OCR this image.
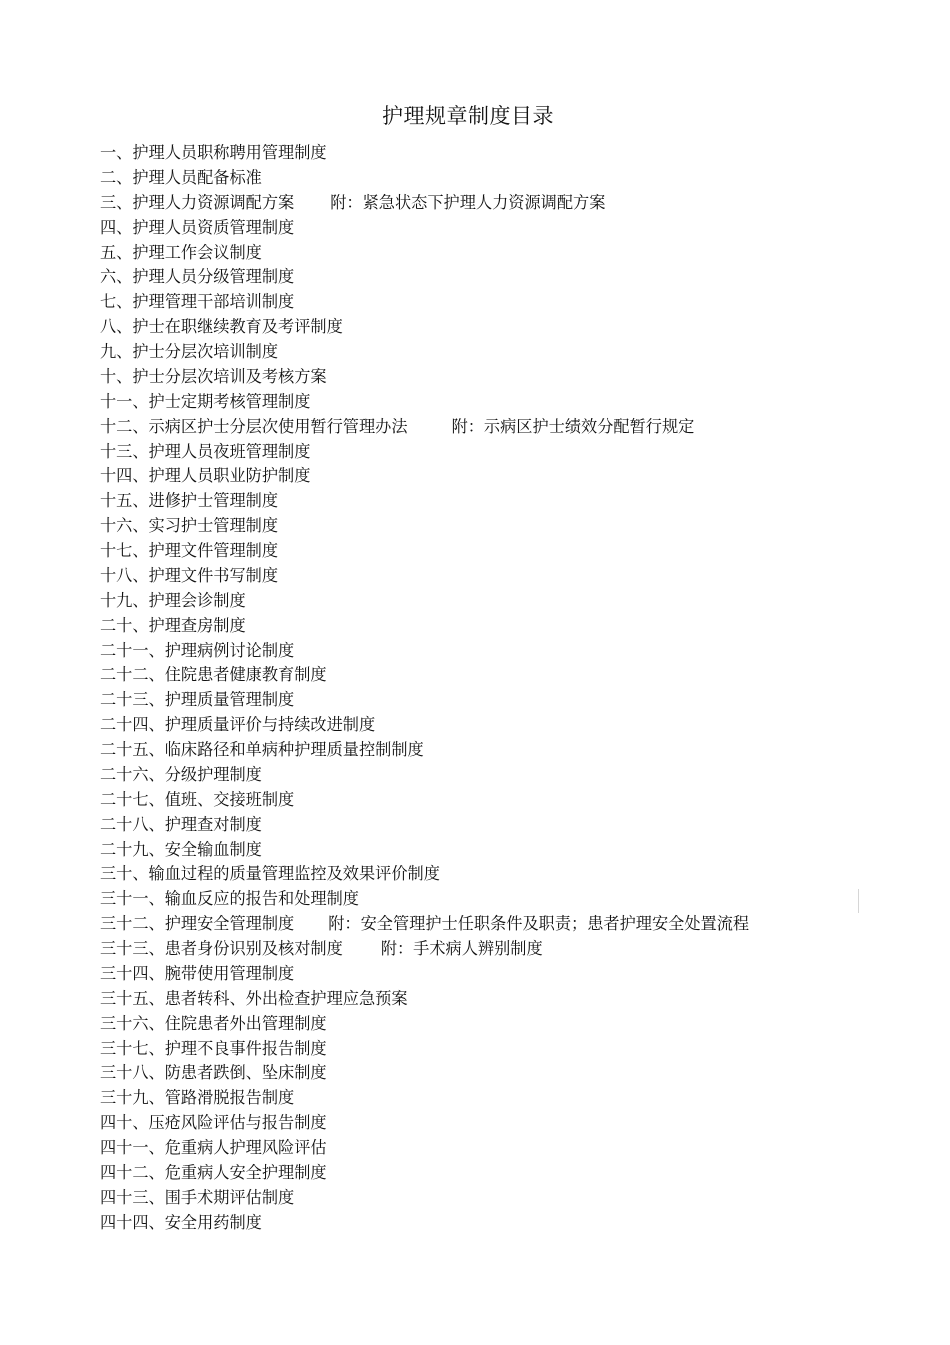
护理规章制度目录
一、护理人员职称聘用管理制度
二、护理人员配备标准
三、护理人力资源调配方案 附：紧急状态下护理人力资源调配方案
四、护理人员资质管理制度
五、护理工作会议制度
六、护理人员分级管理制度
七、护理管理干部培训制度
八、护士在职继续教育及考评制度
九、护士分层次培训制度
十、护士分层次培训及考核方案
十一、护士定期考核管理制度
十二、示病区护士分层次使用暂行管理办法	附：示病区护士绩效分配暂行规定
十三、护理人员夜班管理制度
十四、护理人员职业防护制度
十五、进修护士管理制度
十六、实习护士管理制度
十七、护理文件管理制度
十八、护理文件书写制度
十九、护理会诊制度
二十、护理查房制度
二十一、护理病例讨论制度
二十二、住院患者健康教育制度
二十三、护理质量管理制度
二十四、护理质量评价与持续改进制度
二十五、临床路径和单病种护理质量控制制度
二十六、分级护理制度
二十七、值班、交接班制度
二十八、护理查对制度
二十九、安全输血制度
三十、输血过程的质量管理监控及效果评价制度
三十一、输血反应的报告和处理制度
三十二、护理安全管理制度 附：安全管理护士任职条件及职责；患者护理安全处置流程
三十三、患者身份识别及核对制度 附：手术病人辨别制度
三十四、腕带使用管理制度
三十五、患者转科、外出检查护理应急预案
三十六、住院患者外出管理制度
三十七、护理不良事件报告制度
三十八、防患者跌倒、坠床制度
三十九、管路滑脱报告制度
四十、压疮风险评估与报告制度
四十一、危重病人护理风险评估
四十二、危重病人安全护理制度
四十三、围手术期评估制度
四十四、安全用药制度
